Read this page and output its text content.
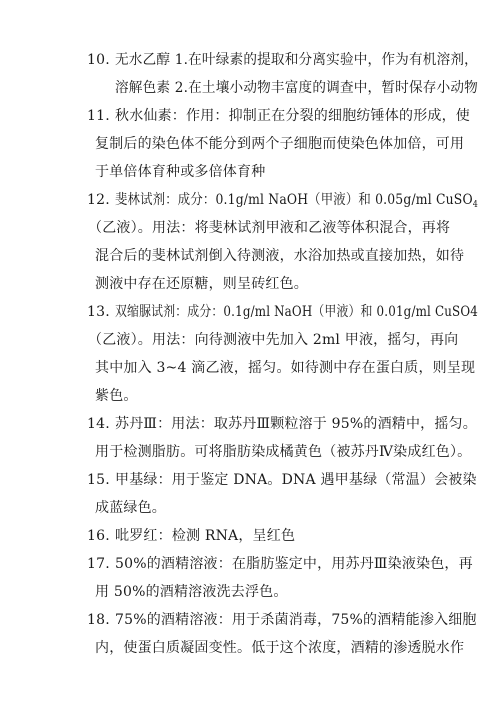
10. 无水乙醇 1.在叶绿素的提取和分离实验中，作为有机溶剂，
溶解色素 2.在土壤小动物丰富度的调查中，暂时保存小动物
11. 秋水仙素：作用：抑制正在分裂的细胞纺锤体的形成，使
复制后的染色体不能分到两个子细胞而使染色体加倍，可用
于单倍体育种或多倍体育种
12. 斐林试剂：成分：0.1g/ml NaOH（甲液）和 0.05g/ml CuSO$_4$
（乙液）。用法：将斐林试剂甲液和乙液等体积混合，再将
混合后的斐林试剂倒入待测液，水浴加热或直接加热，如待
测液中存在还原糖，则呈砖红色。
13. 双缩脲试剂：成分：0.1g/ml NaOH（甲液）和 0.01g/ml CuSO4
（乙液）。用法：向待测液中先加入 2ml 甲液，摇匀，再向
其中加入 3~4 滴乙液，摇匀。如待测中存在蛋白质，则呈现
紫色。
14. 苏丹Ⅲ：用法：取苏丹Ⅲ颗粒溶于 95%的酒精中，摇匀。
用于检测脂肪。可将脂肪染成橘黄色（被苏丹Ⅳ染成红色）。
15. 甲基绿：用于鉴定 DNA。DNA 遇甲基绿（常温）会被染
成蓝绿色。
16. 吡罗红：检测 RNA，呈红色
17. 50%的酒精溶液：在脂肪鉴定中，用苏丹Ⅲ染液染色，再
用 50%的酒精溶液洗去浮色。
18. 75%的酒精溶液：用于杀菌消毒，75%的酒精能渗入细胞
内，使蛋白质凝固变性。低于这个浓度，酒精的渗透脱水作
